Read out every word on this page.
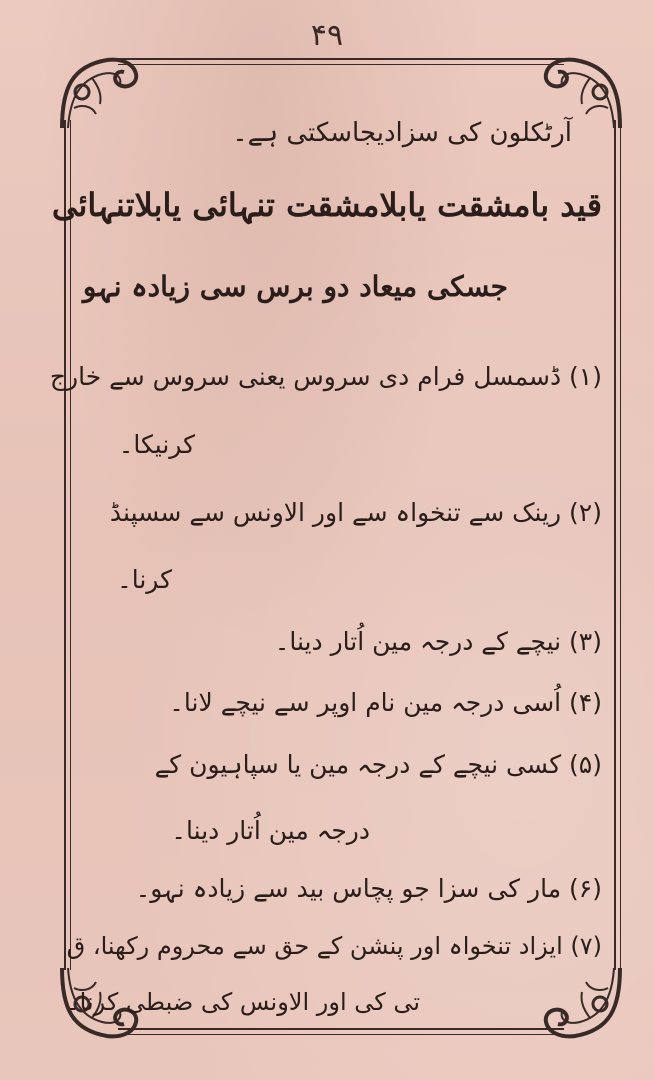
۴۹
آرٹکلون کی سزادیجاسکتی ہے۔
قید بامشقت یابلامشقت تنہائی یابلاتنہائی
جسکی میعاد دو برس سی زیادہ نہو
(۱) ڈسمسل فرام دی سروس یعنی سروس سے خارج
کرنیکا۔
(۲) رینک سے تنخواہ سے اور الاونس سے سسپنڈ
کرنا۔
(۳) نیچے کے درجہ مین اُتار دینا۔
(۴) اُسی درجہ مین نام اوپر سے نیچے لانا۔
(۵) کسی نیچے کے درجہ مین یا سپاہیون کے
درجہ مین اُتار دینا۔
(۶) مار کی سزا جو پچاس بید سے زیادہ نہو۔
(۷) ایزاد تنخواہ اور پنشن کے حق سے محروم رکھنا، ق
تی کی اور الاونس کی ضبطی کرنا۔
